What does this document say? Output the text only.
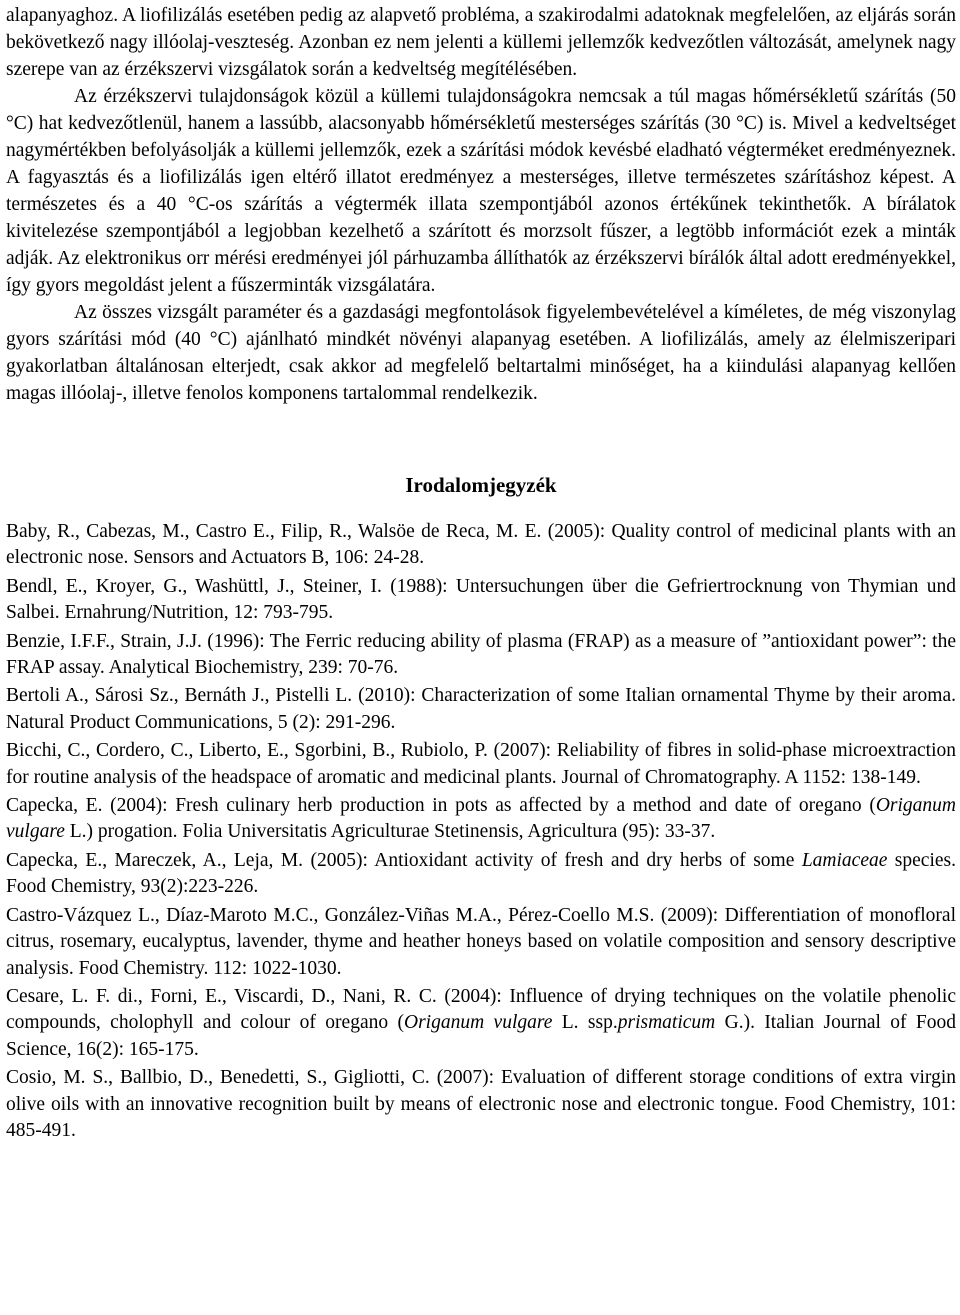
alapanyaghoz. A liofilizálás esetében pedig az alapvető probléma, a szakirodalmi adatoknak megfelelően, az eljárás során bekövetkező nagy illóolaj-veszteség. Azonban ez nem jelenti a küllemi jellemzők kedvezőtlen változását, amelynek nagy szerepe van az érzékszervi vizsgálatok során a kedveltség megítélésében.

Az érzékszervi tulajdonságok közül a küllemi tulajdonságokra nemcsak a túl magas hőmérsékletű szárítás (50 °C) hat kedvezőtlenül, hanem a lassúbb, alacsonyabb hőmérsékletű mesterséges szárítás (30 °C) is. Mivel a kedveltséget nagymértékben befolyásolják a küllemi jellemzők, ezek a szárítási módok kevésbé eladható végterméket eredményeznek. A fagyasztás és a liofilizálás igen eltérő illatot eredményez a mesterséges, illetve természetes szárításhoz képest. A természetes és a 40 °C-os szárítás a végtermék illata szempontjából azonos értékűnek tekinthetők. A bírálatok kivitelezése szempontjából a legjobban kezelhető a szárított és morzsolt fűszer, a legtöbb információt ezek a minták adják. Az elektronikus orr mérési eredményei jól párhuzamba állíthatók az érzékszervi bírálók által adott eredményekkel, így gyors megoldást jelent a fűszerminták vizsgálatára.

Az összes vizsgált paraméter és a gazdasági megfontolások figyelembevételével a kíméletes, de még viszonylag gyors szárítási mód (40 °C) ajánlható mindkét növényi alapanyag esetében. A liofilizálás, amely az élelmiszeripari gyakorlatban általánosan elterjedt, csak akkor ad megfelelő beltartalmi minőséget, ha a kiindulási alapanyag kellően magas illóolaj-, illetve fenolos komponens tartalommal rendelkezik.

Irodalomjegyzék

Baby, R., Cabezas, M., Castro E., Filip, R., Walsöe de Reca, M. E. (2005): Quality control of medicinal plants with an electronic nose. Sensors and Actuators B, 106: 24-28.

Bendl, E., Kroyer, G., Washüttl, J., Steiner, I. (1988): Untersuchungen über die Gefriertrocknung von Thymian und Salbei. Ernahrung/Nutrition, 12: 793-795.

Benzie, I.F.F., Strain, J.J. (1996): The Ferric reducing ability of plasma (FRAP) as a measure of ”antioxidant power”: the FRAP assay. Analytical Biochemistry, 239: 70-76.

Bertoli A., Sárosi Sz., Bernáth J., Pistelli L. (2010): Characterization of some Italian ornamental Thyme by their aroma. Natural Product Communications, 5 (2): 291-296.

Bicchi, C., Cordero, C., Liberto, E., Sgorbini, B., Rubiolo, P. (2007): Reliability of fibres in solid-phase microextraction for routine analysis of the headspace of aromatic and medicinal plants. Journal of Chromatography. A 1152: 138-149.

Capecka, E. (2004): Fresh culinary herb production in pots as affected by a method and date of oregano (Origanum vulgare L.) progation. Folia Universitatis Agriculturae Stetinensis, Agricultura (95): 33-37.

Capecka, E., Mareczek, A., Leja, M. (2005): Antioxidant activity of fresh and dry herbs of some Lamiaceae species. Food Chemistry, 93(2):223-226.

Castro-Vázquez L., Díaz-Maroto M.C., González-Viñas M.A., Pérez-Coello M.S. (2009): Differentiation of monofloral citrus, rosemary, eucalyptus, lavender, thyme and heather honeys based on volatile composition and sensory descriptive analysis. Food Chemistry. 112: 1022-1030.

Cesare, L. F. di., Forni, E., Viscardi, D., Nani, R. C. (2004): Influence of drying techniques on the volatile phenolic compounds, cholophyll and colour of oregano (Origanum vulgare L. ssp.prismaticum G.). Italian Journal of Food Science, 16(2): 165-175.

Cosio, M. S., Ballbio, D., Benedetti, S., Gigliotti, C. (2007): Evaluation of different storage conditions of extra virgin olive oils with an innovative recognition built by means of electronic nose and electronic tongue. Food Chemistry, 101: 485-491.
